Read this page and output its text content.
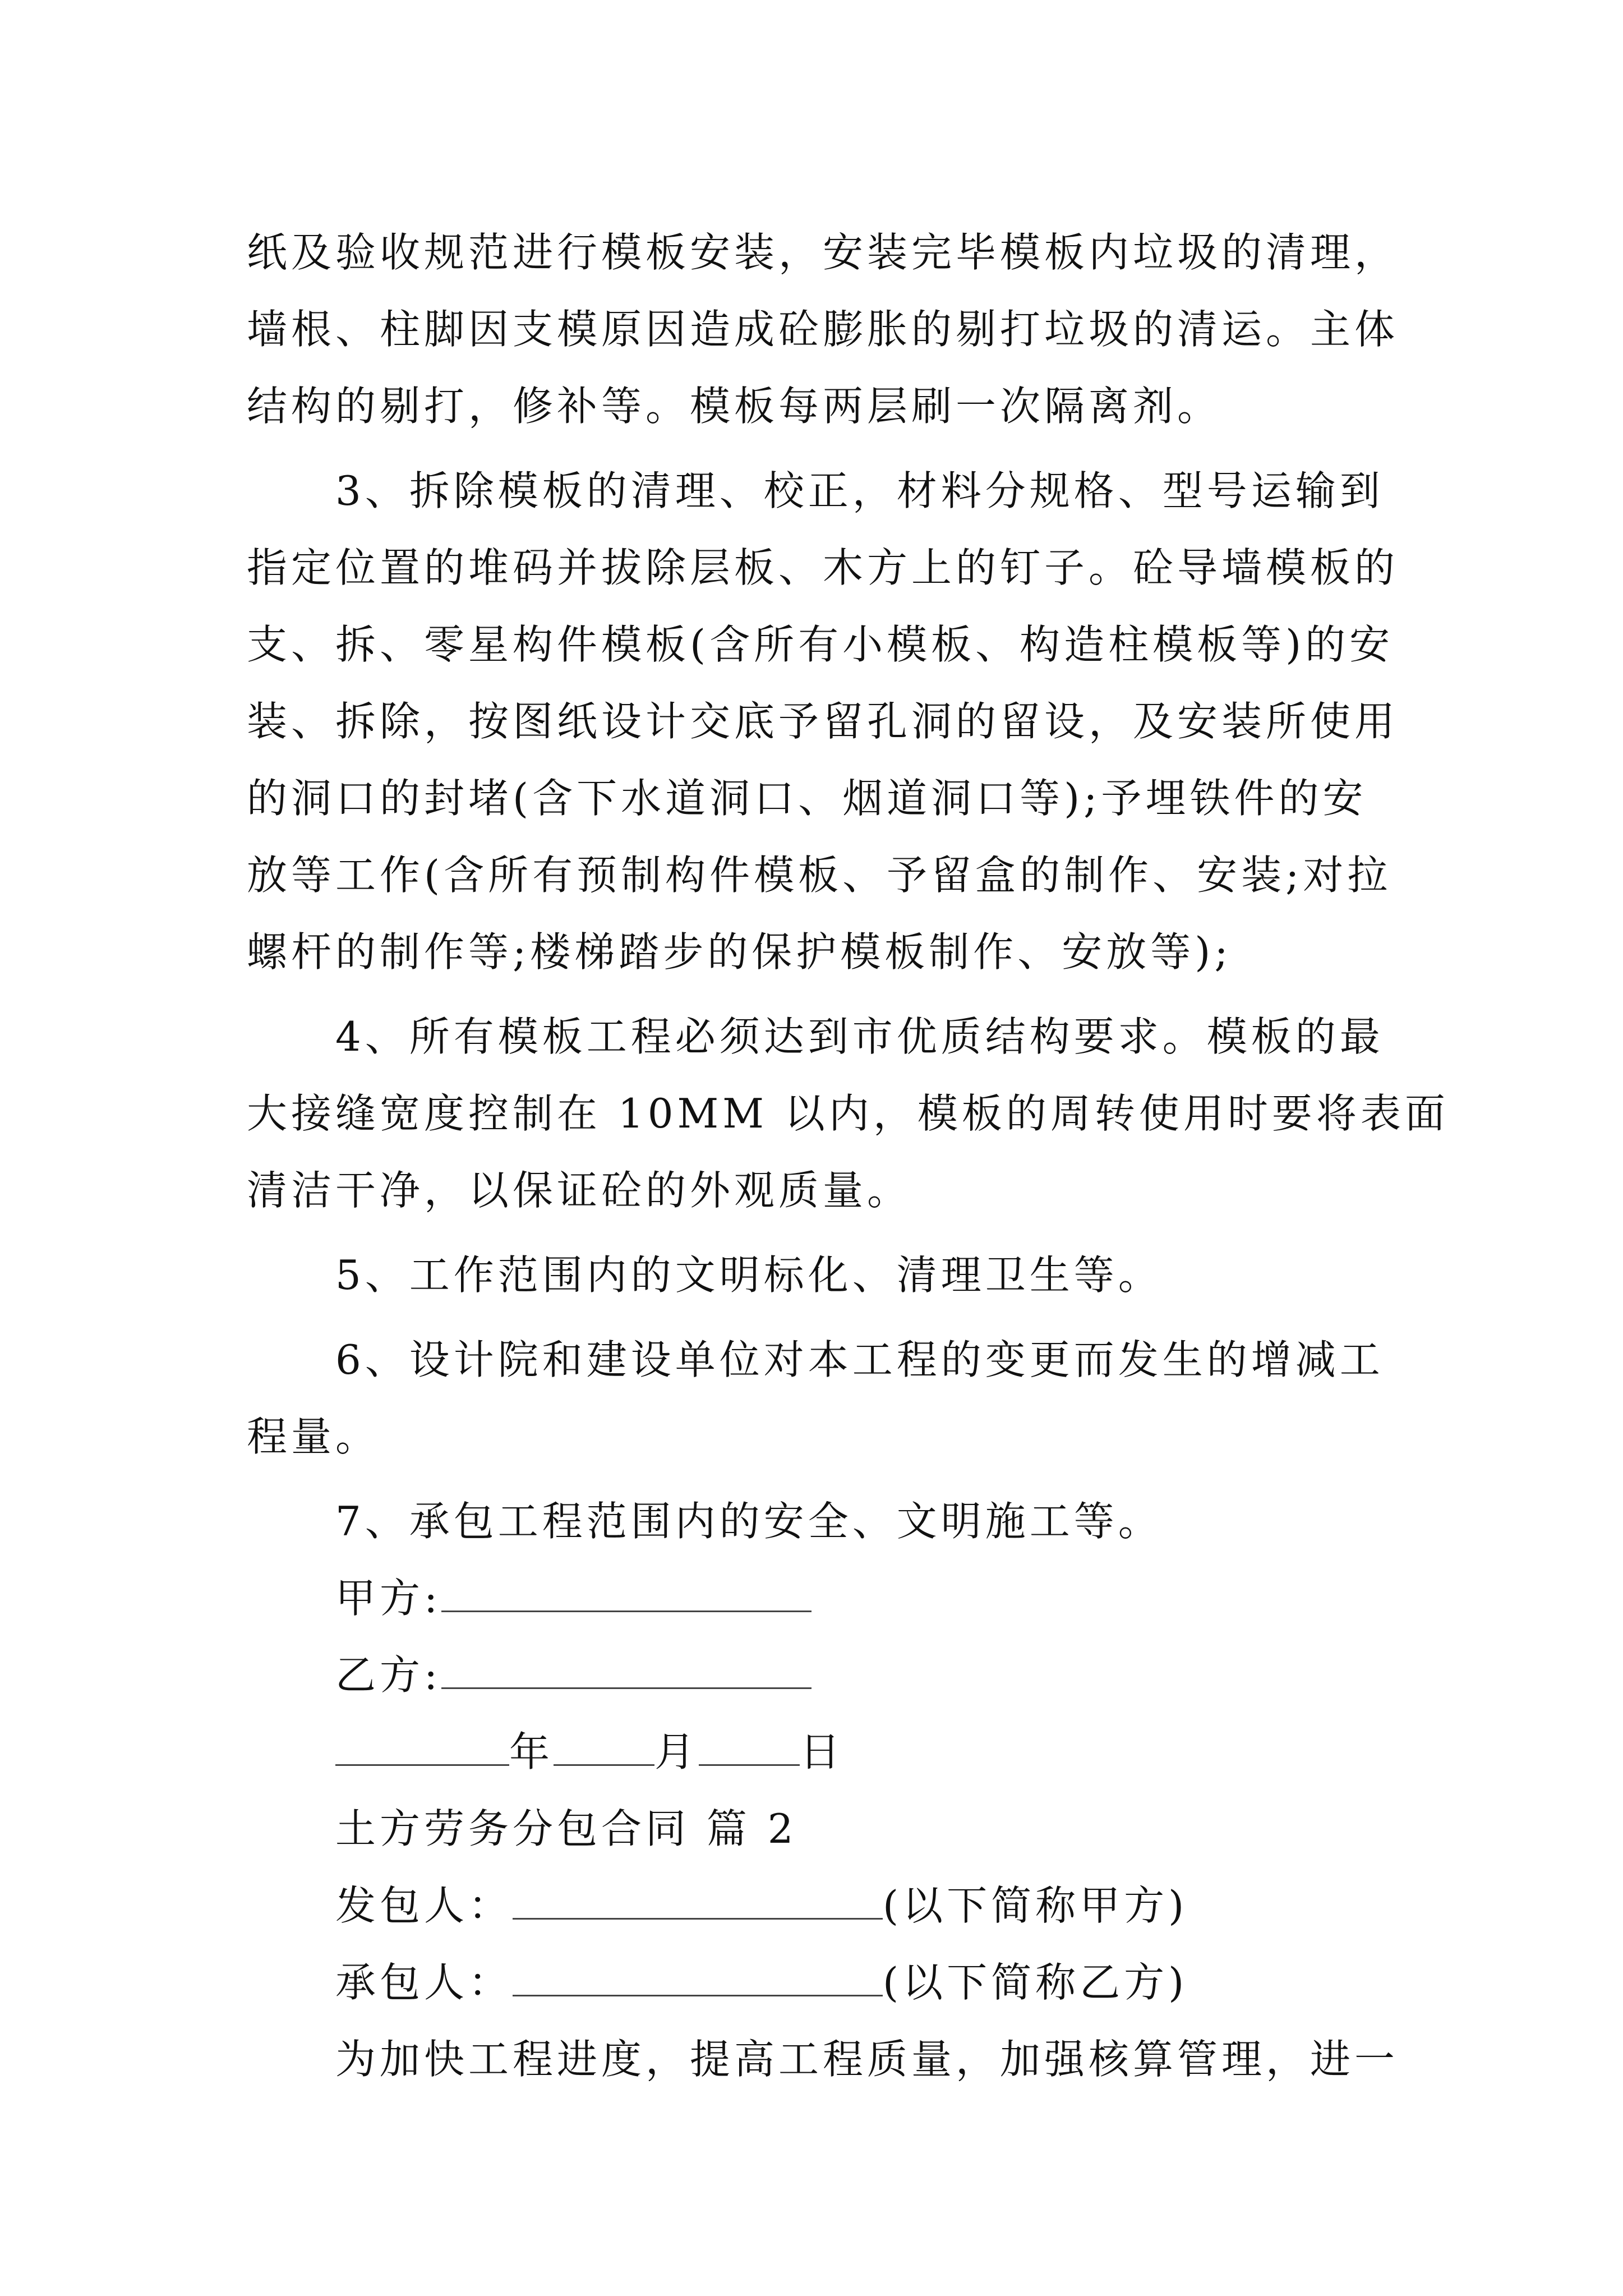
纸及验收规范进行模板安装，安装完毕模板内垃圾的清理，
墙根、柱脚因支模原因造成砼膨胀的剔打垃圾的清运。主体
结构的剔打，修补等。模板每两层刷一次隔离剂。
3、拆除模板的清理、校正，材料分规格、型号运输到
指定位置的堆码并拔除层板、木方上的钉子。砼导墙模板的
支、拆、零星构件模板(含所有小模板、构造柱模板等)的安
装、拆除，按图纸设计交底予留孔洞的留设，及安装所使用
的洞口的封堵(含下水道洞口、烟道洞口等);予埋铁件的安
放等工作(含所有预制构件模板、予留盒的制作、安装;对拉
螺杆的制作等;楼梯踏步的保护模板制作、安放等);
4、所有模板工程必须达到市优质结构要求。模板的最
大接缝宽度控制在 10MM 以内，模板的周转使用时要将表面
清洁干净，以保证砼的外观质量。
5、工作范围内的文明标化、清理卫生等。
6、设计院和建设单位对本工程的变更而发生的增减工
程量。
7、承包工程范围内的安全、文明施工等。
甲方:
乙方:
年	月	日
土方劳务分包合同 篇 2
发包人：	(以下简称甲方)
承包人：	(以下简称乙方)
为加快工程进度，提高工程质量，加强核算管理，进一
